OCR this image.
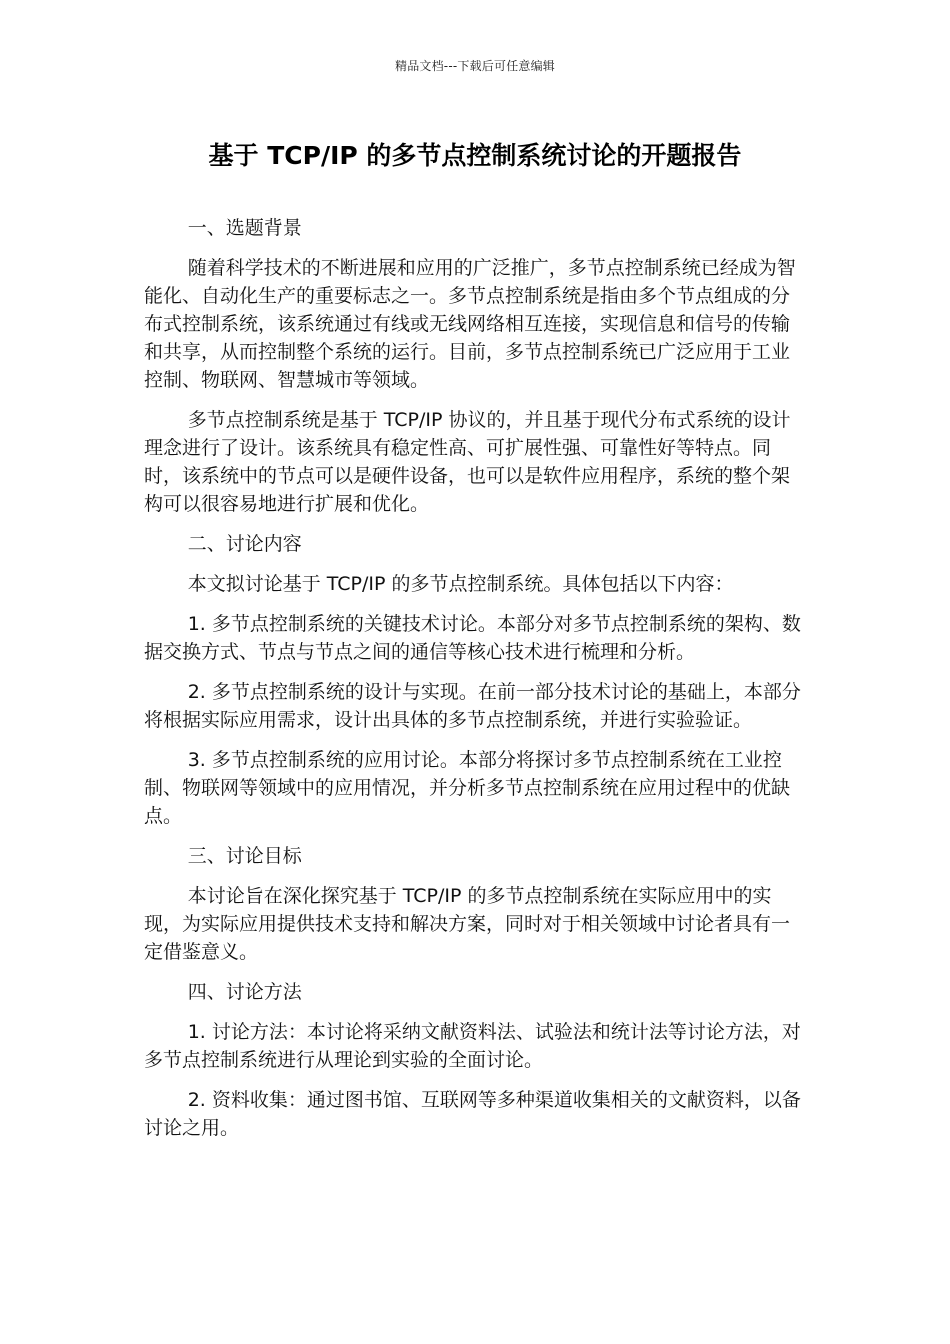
精品文档---下载后可任意编辑
基于 TCP/IP 的多节点控制系统讨论的开题报告
一、选题背景

随着科学技术的不断进展和应用的广泛推广，多节点控制系统已经成为智能化、自动化生产的重要标志之一。多节点控制系统是指由多个节点组成的分布式控制系统，该系统通过有线或无线网络相互连接，实现信息和信号的传输和共享，从而控制整个系统的运行。目前，多节点控制系统已广泛应用于工业控制、物联网、智慧城市等领域。

多节点控制系统是基于 TCP/IP 协议的，并且基于现代分布式系统的设计理念进行了设计。该系统具有稳定性高、可扩展性强、可靠性好等特点。同时，该系统中的节点可以是硬件设备，也可以是软件应用程序，系统的整个架构可以很容易地进行扩展和优化。

二、讨论内容

本文拟讨论基于 TCP/IP 的多节点控制系统。具体包括以下内容：

1. 多节点控制系统的关键技术讨论。本部分对多节点控制系统的架构、数据交换方式、节点与节点之间的通信等核心技术进行梳理和分析。

2. 多节点控制系统的设计与实现。在前一部分技术讨论的基础上，本部分将根据实际应用需求，设计出具体的多节点控制系统，并进行实验验证。

3. 多节点控制系统的应用讨论。本部分将探讨多节点控制系统在工业控制、物联网等领域中的应用情况，并分析多节点控制系统在应用过程中的优缺点。

三、讨论目标

本讨论旨在深化探究基于 TCP/IP 的多节点控制系统在实际应用中的实现，为实际应用提供技术支持和解决方案，同时对于相关领域中讨论者具有一定借鉴意义。

四、讨论方法

1. 讨论方法：本讨论将采纳文献资料法、试验法和统计法等讨论方法，对多节点控制系统进行从理论到实验的全面讨论。

2. 资料收集：通过图书馆、互联网等多种渠道收集相关的文献资料，以备讨论之用。
